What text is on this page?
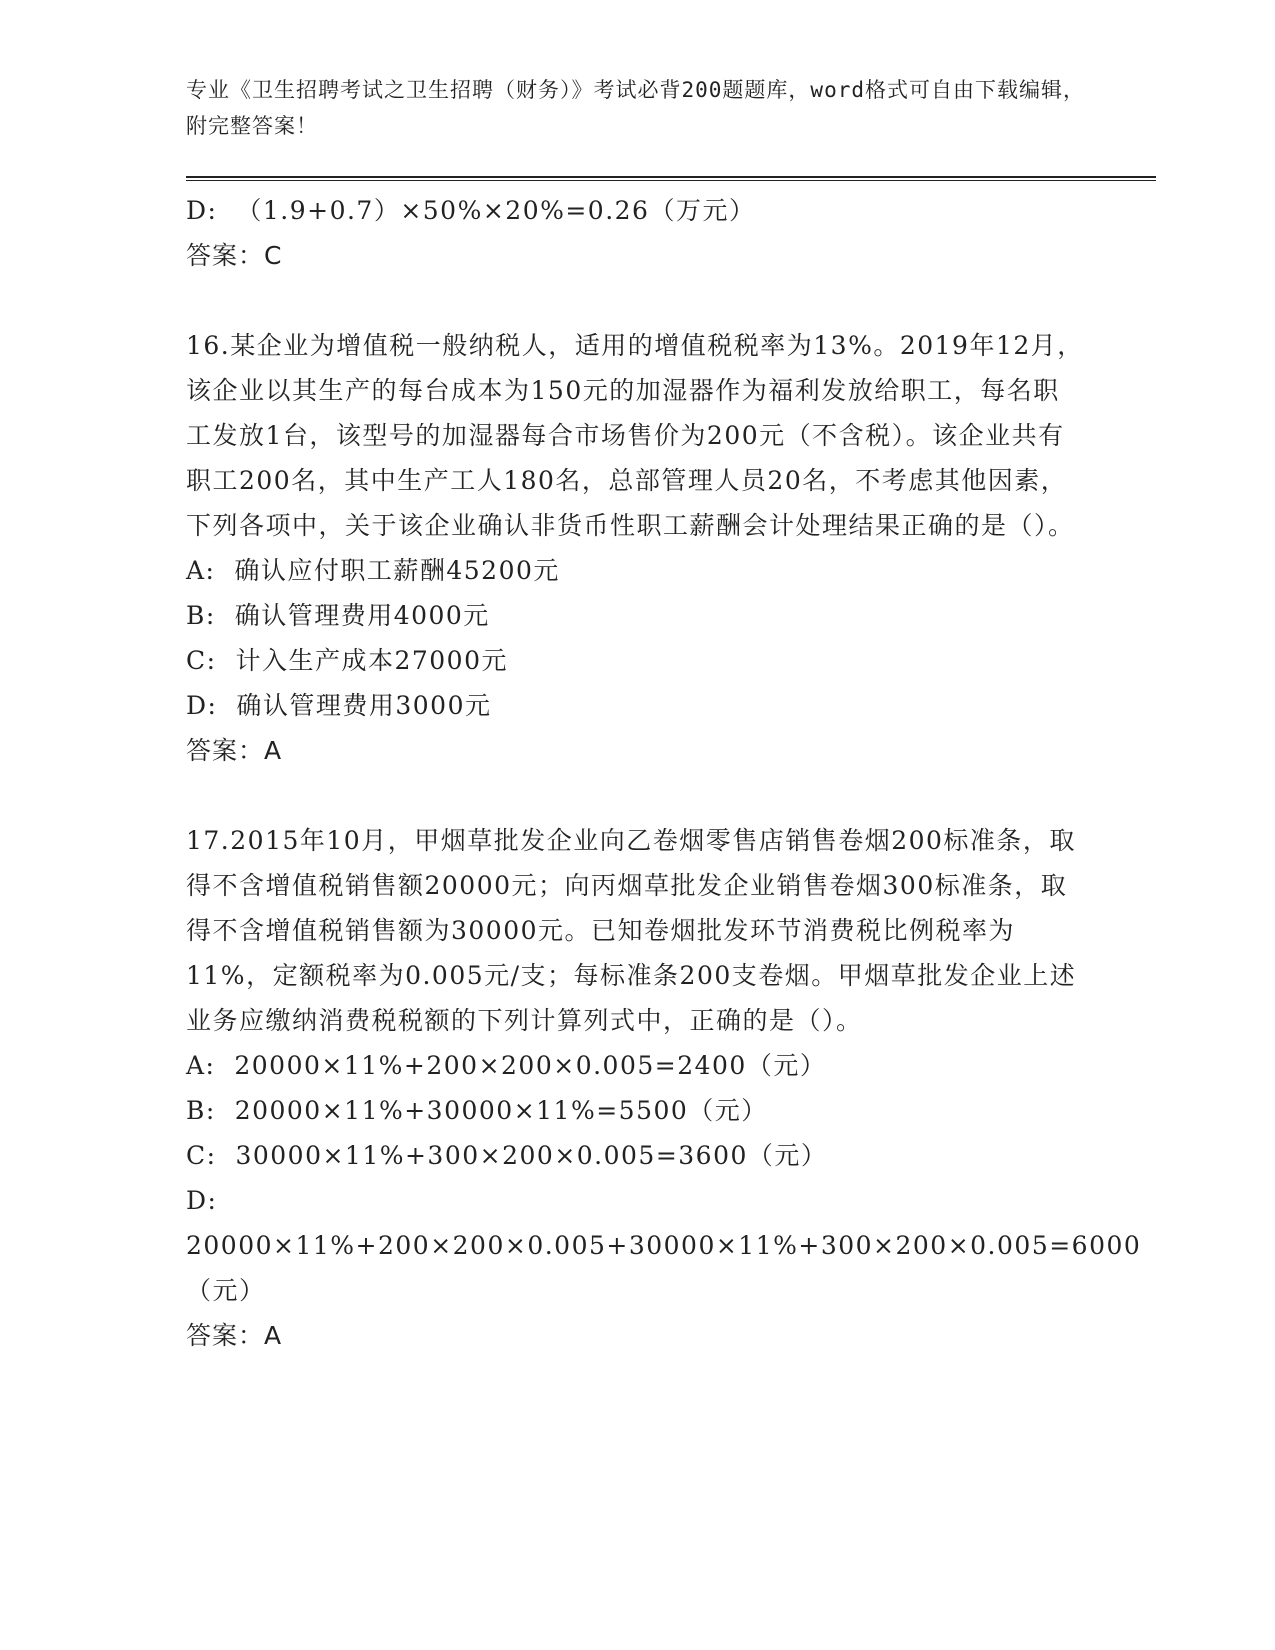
专业《卫生招聘考试之卫生招聘（财务）》考试必背200题题库，word格式可自由下载编辑，附完整答案！

D:  （1.9+0.7）×50%×20%=0.26（万元）

答案：C

16.某企业为增值税一般纳税人，适用的增值税税率为13%。2019年12月，该企业以其生产的每台成本为150元的加湿器作为福利发放给职工，每名职工发放1台，该型号的加湿器每合市场售价为200元（不含税）。该企业共有职工200名，其中生产工人180名，总部管理人员20名，不考虑其他因素，下列各项中，关于该企业确认非货币性职工薪酬会计处理结果正确的是（）。

A:  确认应付职工薪酬45200元

B:  确认管理费用4000元

C:  计入生产成本27000元

D:  确认管理费用3000元

答案：A

17.2015年10月，甲烟草批发企业向乙卷烟零售店销售卷烟200标准条，取得不含增值税销售额20000元；向丙烟草批发企业销售卷烟300标准条，取得不含增值税销售额为30000元。已知卷烟批发环节消费税比例税率为11%，定额税率为0.005元/支；每标准条200支卷烟。甲烟草批发企业上述业务应缴纳消费税税额的下列计算列式中，正确的是（）。

A:  20000×11%+200×200×0.005=2400（元）

B:  20000×11%+30000×11%=5500（元）

C:  30000×11%+300×200×0.005=3600（元）

D:  20000×11%+200×200×0.005+30000×11%+300×200×0.005=6000（元）

答案：A
